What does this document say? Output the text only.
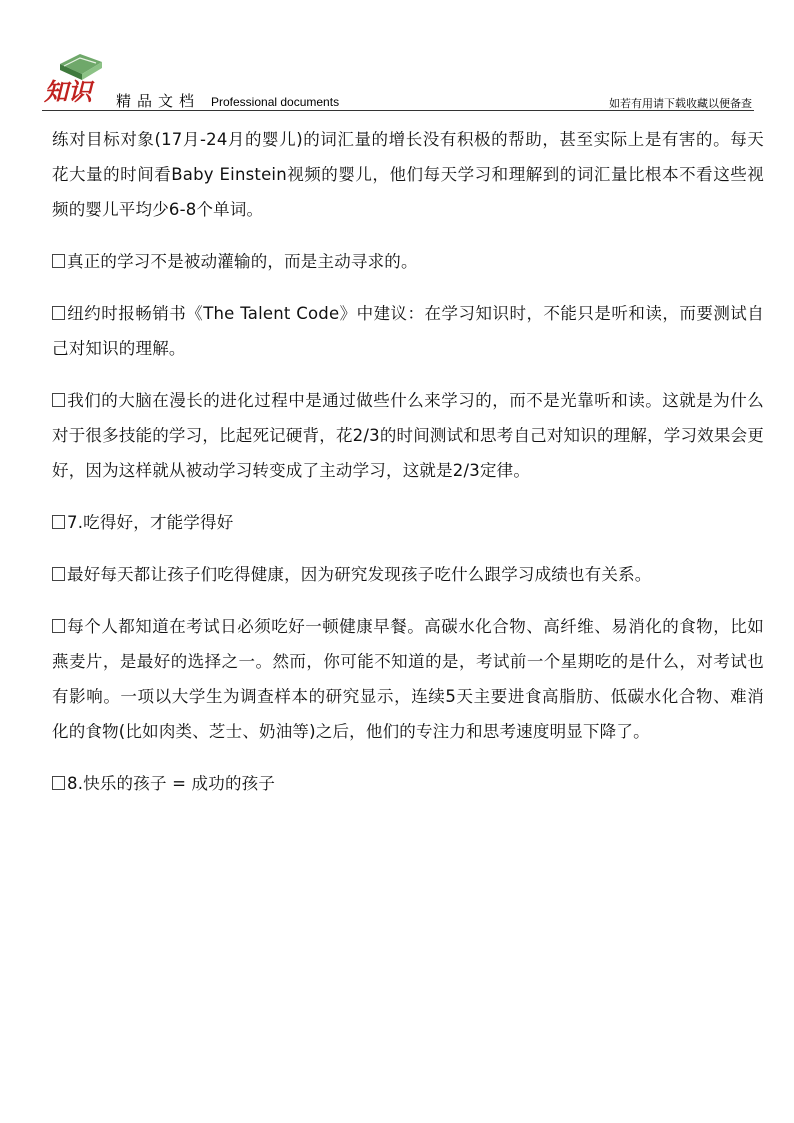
知识 精品文档 Professional documents	如若有用请下载收藏以便备查

练对目标对象(17月-24月的婴儿)的词汇量的增长没有积极的帮助，甚至实际上是有害的。每天花大量的时间看Baby Einstein视频的婴儿，他们每天学习和理解到的词汇量比根本不看这些视频的婴儿平均少6-8个单词。

真正的学习不是被动灌输的，而是主动寻求的。

纽约时报畅销书《The Talent Code》中建议：在学习知识时，不能只是听和读，而要测试自己对知识的理解。

我们的大脑在漫长的进化过程中是通过做些什么来学习的，而不是光靠听和读。这就是为什么对于很多技能的学习，比起死记硬背，花2/3的时间测试和思考自己对知识的理解，学习效果会更好，因为这样就从被动学习转变成了主动学习，这就是2/3定律。

7.吃得好，才能学得好

最好每天都让孩子们吃得健康，因为研究发现孩子吃什么跟学习成绩也有关系。

每个人都知道在考试日必须吃好一顿健康早餐。高碳水化合物、高纤维、易消化的食物，比如燕麦片，是最好的选择之一。然而，你可能不知道的是，考试前一个星期吃的是什么，对考试也有影响。一项以大学生为调查样本的研究显示，连续5天主要进食高脂肪、低碳水化合物、难消化的食物(比如肉类、芝士、奶油等)之后，他们的专注力和思考速度明显下降了。

8.快乐的孩子 = 成功的孩子
